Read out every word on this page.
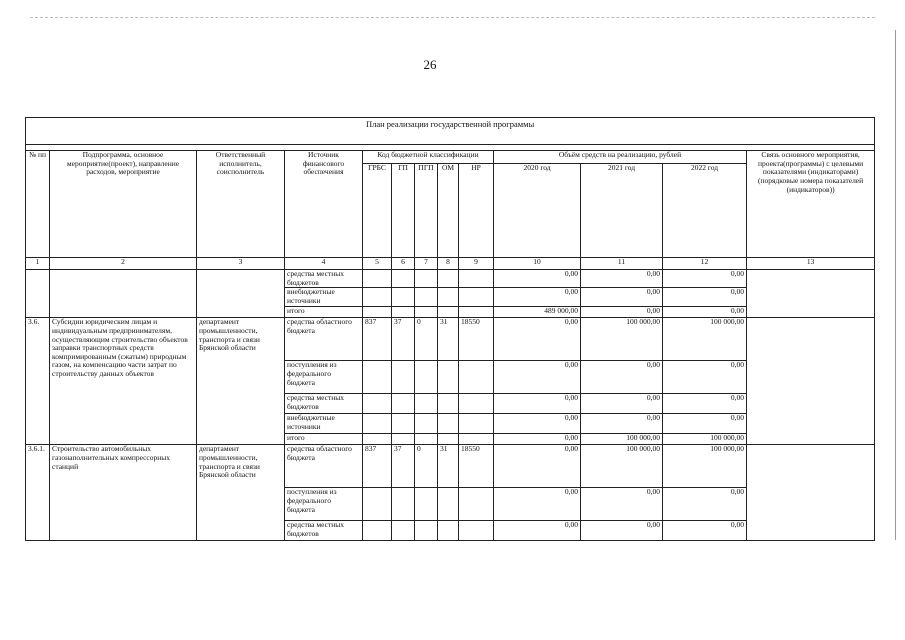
26
План реализации государственной программы												

№ пп	Подпрограмма, основное мероприятие(проект), направление расходов, мероприятие	Ответственный исполнитель, соисполнитель	Источник финансового обеспечения	Код бюджетной классификации					Объём средств на реализацию, рублей			Связь основного мероприятия, проекта(программы) с целевыми показателями (индикаторами) (порядковые номера показателей (индикаторов))
				ГРБС	ГП	ПГП	ОМ	НР	2020 год	2021 год	2022 год	
1	2	3	4	5	6	7	8	9	10	11	12	13
			средства местных бюджетов						0,00	0,00	0,00	
			внебюджетные источники						0,00	0,00	0,00	
			итого						489 000,00	0,00	0,00	
3.6.	Субсидии юридическим лицам и индивидуальным предпринимателям, осуществляющим строительство объектов заправки транспортных средств компримированным (сжатым) природным газом, на компенсацию части затрат по строительству данных объектов	департамент промышленности, транспорта и связи Брянской области	средства областного бюджета	837	37	0	31	18550	0,00	100 000,00	100 000,00	
			поступления из федерального бюджета						0,00	0,00	0,00	
			средства местных бюджетов						0,00	0,00	0,00	
			внебюджетные источники						0,00	0,00	0,00	
			итого						0,00	100 000,00	100 000,00	
3.6.1.	Строительство автомобильных газонаполнительных компрессорных станций	департамент промышленности, транспорта и связи Брянской области	средства областного бюджета	837	37	0	31	18550	0,00	100 000,00	100 000,00	
			поступления из федерального бюджета						0,00	0,00	0,00	
			средства местных бюджетов						0,00	0,00	0,00	
